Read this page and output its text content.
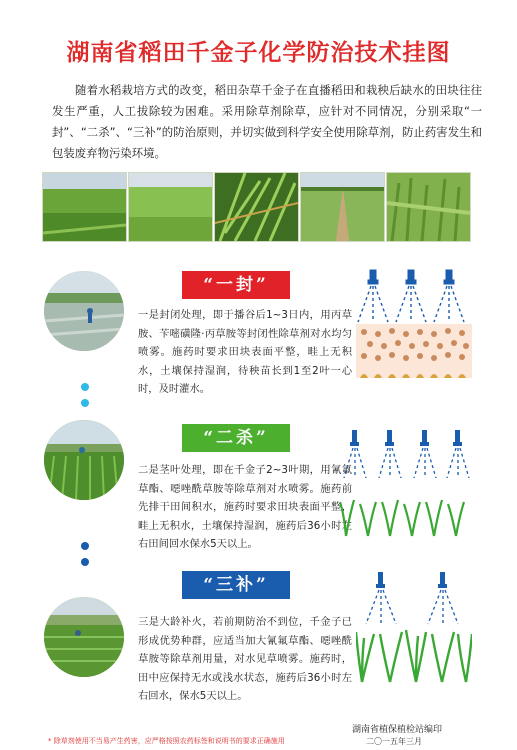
湖南省稻田千金子化学防治技术挂图
随着水稻栽培方式的改变，稻田杂草千金子在直播稻田和栽秧后缺水的田块往往发生严重，人工拔除较为困难。采用除草剂除草，应针对不同情况，分别采取“一封”、“二杀”、“三补”的防治原则，并切实做到科学安全使用除草剂，防止药害发生和包装废弃物污染环境。
“一封”
一是封闭处理，即于播谷后1~3日内，用丙草胺、苄嘧磺隆·丙草胺等封闭性除草剂对水均匀喷雾。施药时要求田块表面平整，畦上无积水，土壤保持湿润，待秧苗长到1至2叶一心时，及时灌水。
“二杀”
二是茎叶处理，即在千金子2~3叶期，用氰氟草酯、噁唑酰草胺等除草剂对水喷雾。施药前先排干田间积水，施药时要求田块表面平整，畦上无积水，土壤保持湿润，施药后36小时左右田间回水保水5天以上。
“三补”
三是大龄补火，若前期防治不到位，千金子已形成优势种群，应适当加大氰氟草酯、噁唑酰草胺等除草剂用量，对水见草喷雾。施药时，田中应保持无水或浅水状态，施药后36小时左右回水，保水5天以上。
湖南省植保植检站编印
二〇一五年三月
* 除草剂使用不当易产生药害，应严格按照农药标签和说明书的要求正确施用
